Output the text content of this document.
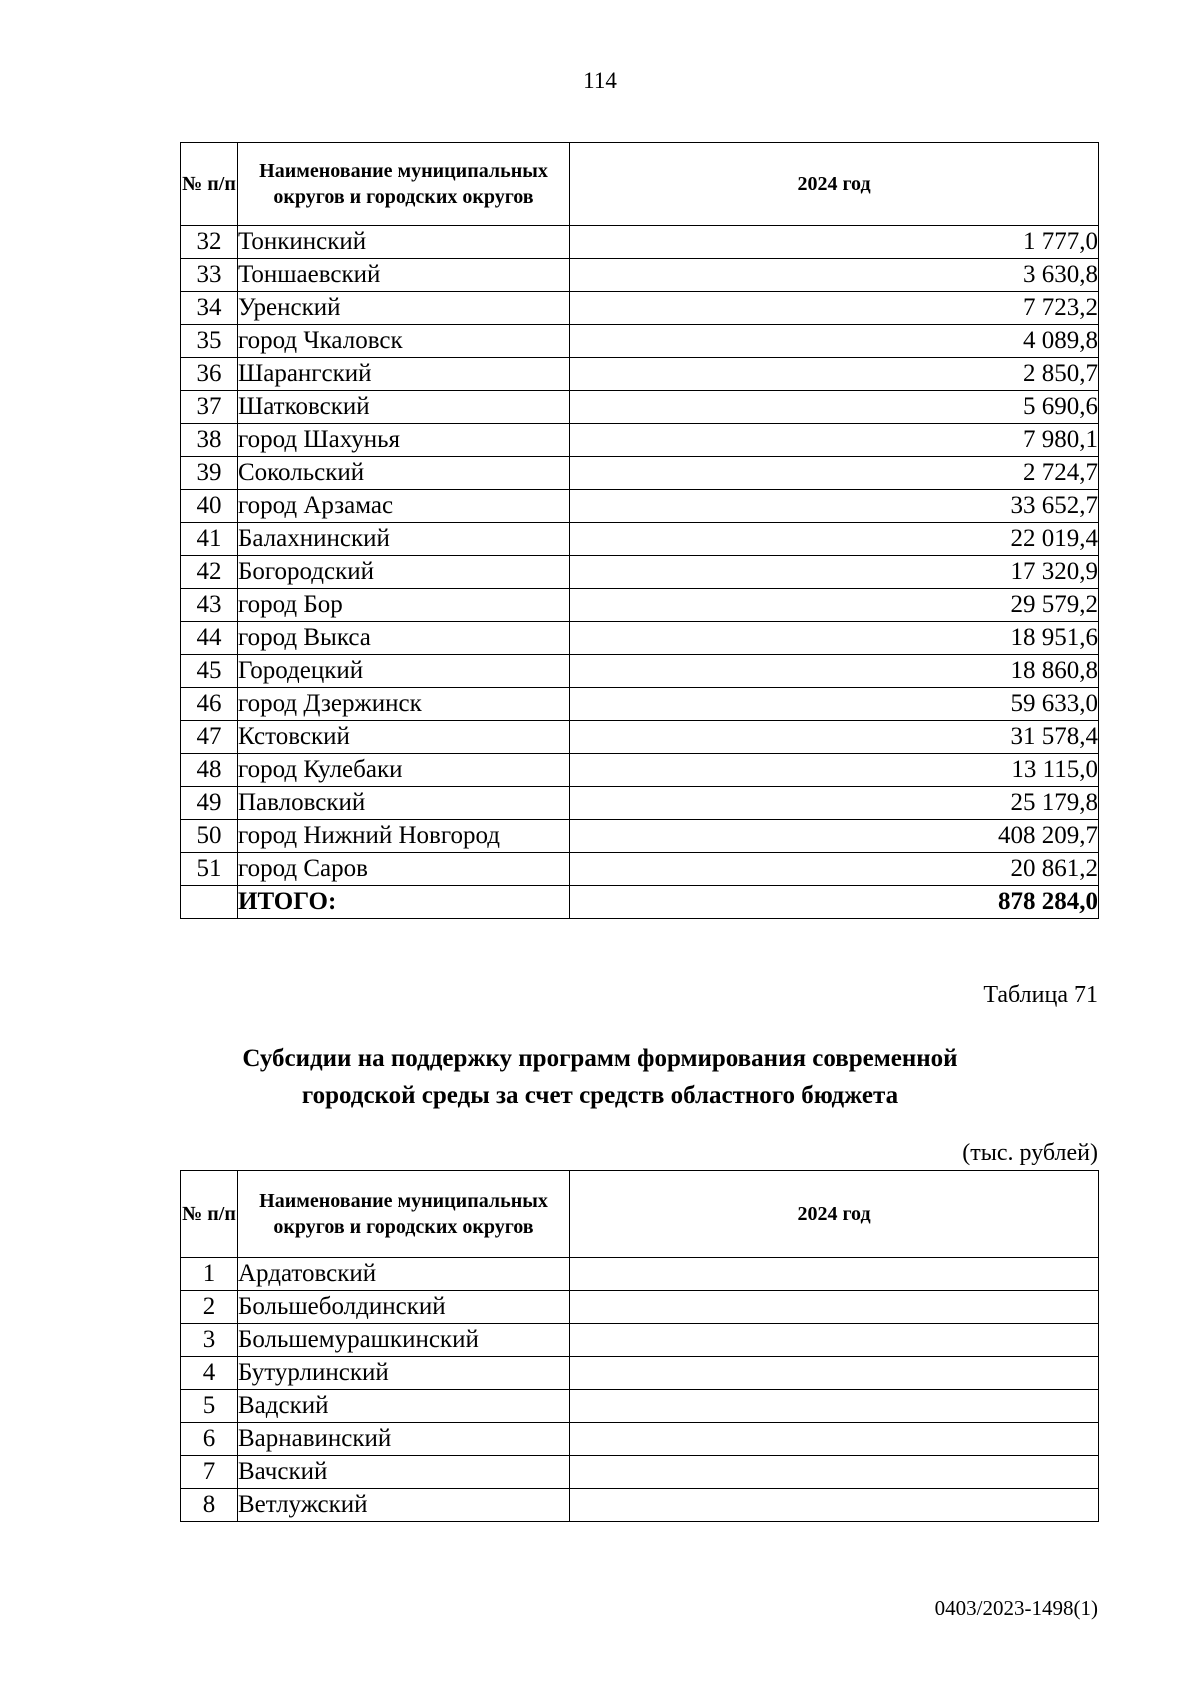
114
№ п/п	Наименование муниципальных округов и городских округов	2024 год
32	Тонкинский	1 777,0
33	Тоншаевский	3 630,8
34	Уренский	7 723,2
35	город Чкаловск	4 089,8
36	Шарангский	2 850,7
37	Шатковский	5 690,6
38	город Шахунья	7 980,1
39	Сокольский	2 724,7
40	город Арзамас	33 652,7
41	Балахнинский	22 019,4
42	Богородский	17 320,9
43	город Бор	29 579,2
44	город Выкса	18 951,6
45	Городецкий	18 860,8
46	город Дзержинск	59 633,0
47	Кстовский	31 578,4
48	город Кулебаки	13 115,0
49	Павловский	25 179,8
50	город Нижний Новгород	408 209,7
51	город Саров	20 861,2
	ИТОГО:	878 284,0
Таблица 71
Субсидии на поддержку программ формирования современной
городской среды за счет средств областного бюджета
(тыс. рублей)
№ п/п	Наименование муниципальных округов и городских округов	2024 год
1	Ардатовский	
2	Большеболдинский	
3	Большемурашкинский	
4	Бутурлинский	
5	Вадский	
6	Варнавинский	
7	Вачский	
8	Ветлужский	
0403/2023-1498(1)
